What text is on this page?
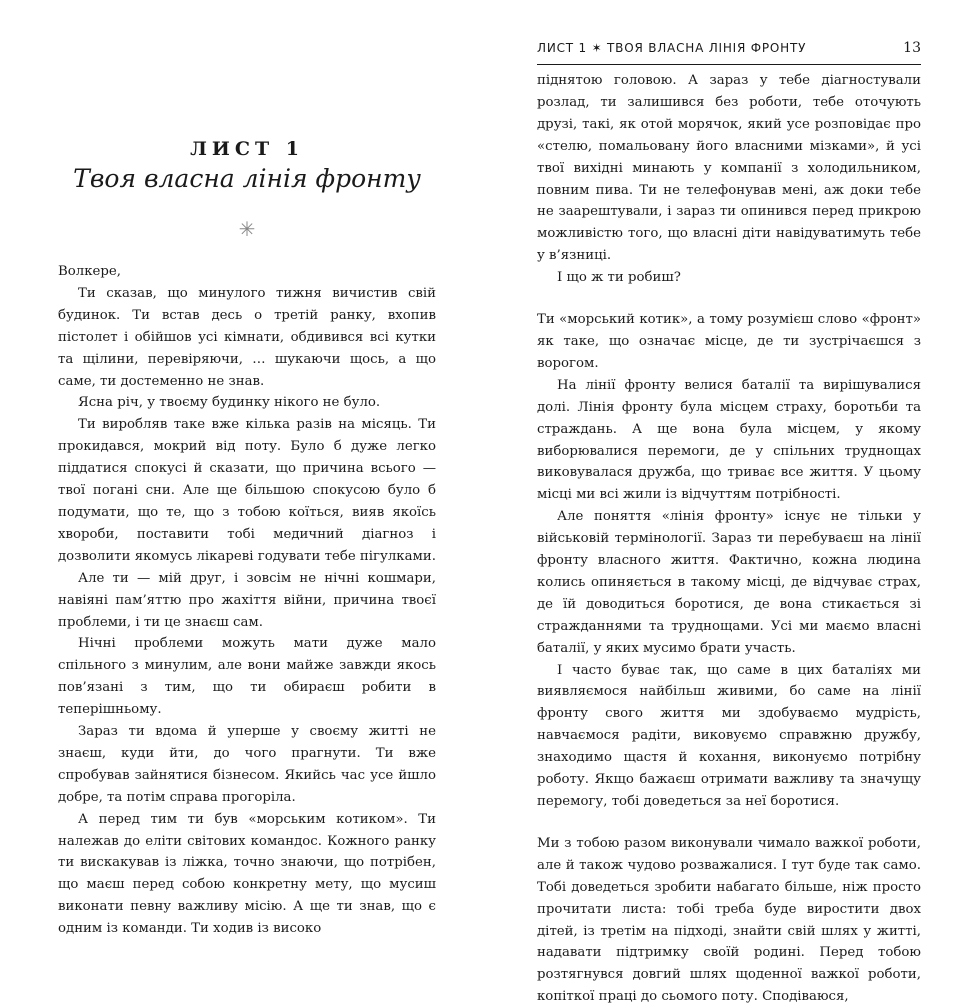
ЛИСТ 1
Твоя власна лінія фронту
✳

Волкере,

Ти сказав, що минулого тижня вичистив свій будинок. Ти встав десь о третій ранку, вхопив пістолет і обійшов усі кімнати, обдивився всі кутки та щілини, перевіряючи, … шукаючи щось, а що саме, ти достеменно не знав.

Ясна річ, у твоєму будинку нікого не було.

Ти виробляв таке вже кілька разів на місяць. Ти прокидався, мокрий від поту. Було б дуже легко піддатися спокусі й сказати, що причина всього — твої погані сни. Але ще більшою спокусою було б подумати, що те, що з тобою коїться, вияв якоїсь хвороби, поставити тобі медичний діагноз і дозволити якомусь лікареві годувати тебе пігулками.

Але ти — мій друг, і зовсім не нічні кошмари, навіяні пам’яттю про жахіття війни, причина твоєї проблеми, і ти це знаєш сам.

Нічні проблеми можуть мати дуже мало спільного з минулим, але вони майже завжди якось пов’язані з тим, що ти обираєш робити в теперішньому.

Зараз ти вдома й уперше у своєму житті не знаєш, куди йти, до чого прагнути. Ти вже спробував зайнятися бізнесом. Якийсь час усе йшло добре, та потім справа прогоріла.

А перед тим ти був «морським котиком». Ти належав до еліти світових командос. Кожного ранку ти вискакував із ліжка, точно знаючи, що потрібен, що маєш перед собою конкретну мету, що мусиш виконати певну важливу місію. А ще ти знав, що є одним із команди. Ти ходив із високо

ЛИСТ 1 ✶ ТВОЯ ВЛАСНА ЛІНІЯ ФРОНТУ	13

піднятою головою. А зараз у тебе діагностували розлад, ти залишився без роботи, тебе оточують друзі, такі, як отой морячок, який усе розповідає про «стелю, помальовану його власними мізками», й усі твої вихідні минають у компанії з холодильником, повним пива. Ти не телефонував мені, аж доки тебе не заарештували, і зараз ти опинився перед прикрою можливістю того, що власні діти навідуватимуть тебе у в’язниці.

І що ж ти робиш?

Ти «морський котик», а тому розумієш слово «фронт» як таке, що означає місце, де ти зустрічаєшся з ворогом.

На лінії фронту велися баталії та вирішувалися долі. Лінія фронту була місцем страху, боротьби та страждань. А ще вона була місцем, у якому виборювалися перемоги, де у спільних труднощах виковувалася дружба, що триває все життя. У цьому місці ми всі жили із відчуттям потрібності.

Але поняття «лінія фронту» існує не тільки у військовій термінології. Зараз ти перебуваєш на лінії фронту власного життя. Фактично, кожна людина колись опиняється в такому місці, де відчуває страх, де їй доводиться боротися, де вона стикається зі стражданнями та труднощами. Усі ми маємо власні баталії, у яких мусимо брати участь.

І часто буває так, що саме в цих баталіях ми виявляємося найбільш живими, бо саме на лінії фронту свого життя ми здобуваємо мудрість, навчаємося радіти, виковуємо справжню дружбу, знаходимо щастя й кохання, виконуємо потрібну роботу. Якщо бажаєш отримати важливу та значущу перемогу, тобі доведеться за неї боротися.

Ми з тобою разом виконували чимало важкої роботи, але й також чудово розважалися. І тут буде так само. Тобі доведеться зробити набагато більше, ніж просто прочитати листа: тобі треба буде виростити двох дітей, із третім на підході, знайти свій шлях у житті, надавати підтримку своїй родині. Перед тобою розтягнувся довгий шлях щоденної важкої роботи, копіткої праці до сьомого поту. Сподіваюся,
